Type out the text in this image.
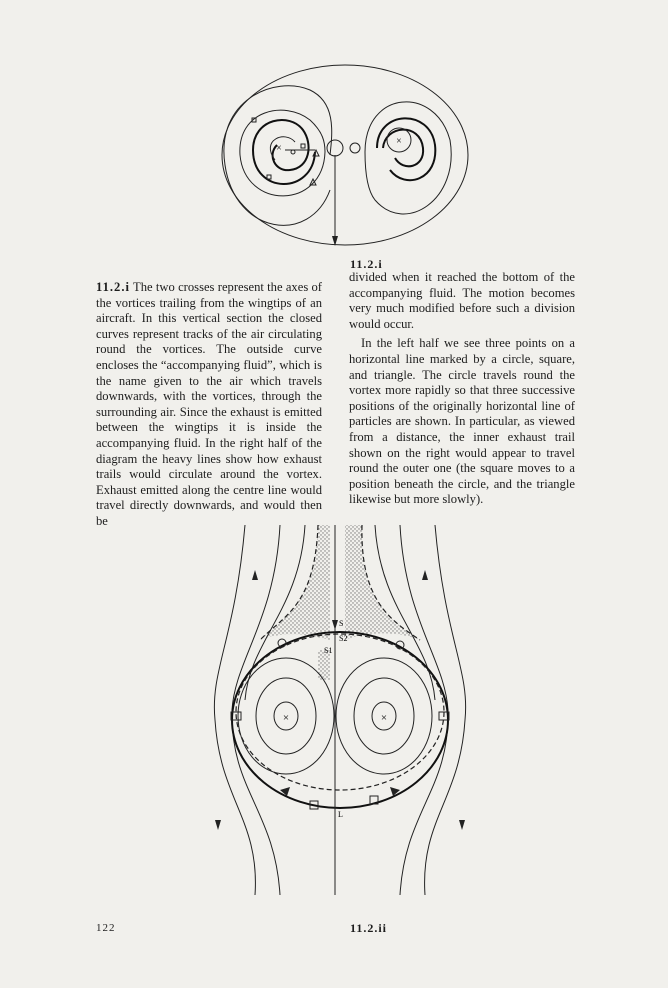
×
×
11.2.i

11.2.i The two crosses represent the axes of the vortices trailing from the wingtips of an aircraft. In this vertical section the closed curves represent tracks of the air circulating round the vortices. The outside curve encloses the “accompanying fluid”, which is the name given to the air which travels downwards, with the vortices, through the surrounding air. Since the exhaust is emitted between the wingtips it is inside the accompanying fluid. In the right half of the diagram the heavy lines show how exhaust trails would circulate around the vortex. Exhaust emitted along the centre line would travel directly downwards, and would then be

divided when it reached the bottom of the accompanying fluid. The motion becomes very much modified before such a division would occur.

In the left half we see three points on a horizontal line marked by a circle, square, and triangle. The circle travels round the vortex more rapidly so that three successive positions of the originally horizontal line of particles are shown. In particular, as viewed from a distance, the inner exhaust trail shown on the right would appear to travel round the outer one (the square moves to a position beneath the circle, and the triangle likewise but more slowly).

×	×
S
S2
S1
L
122	11.2.ii
